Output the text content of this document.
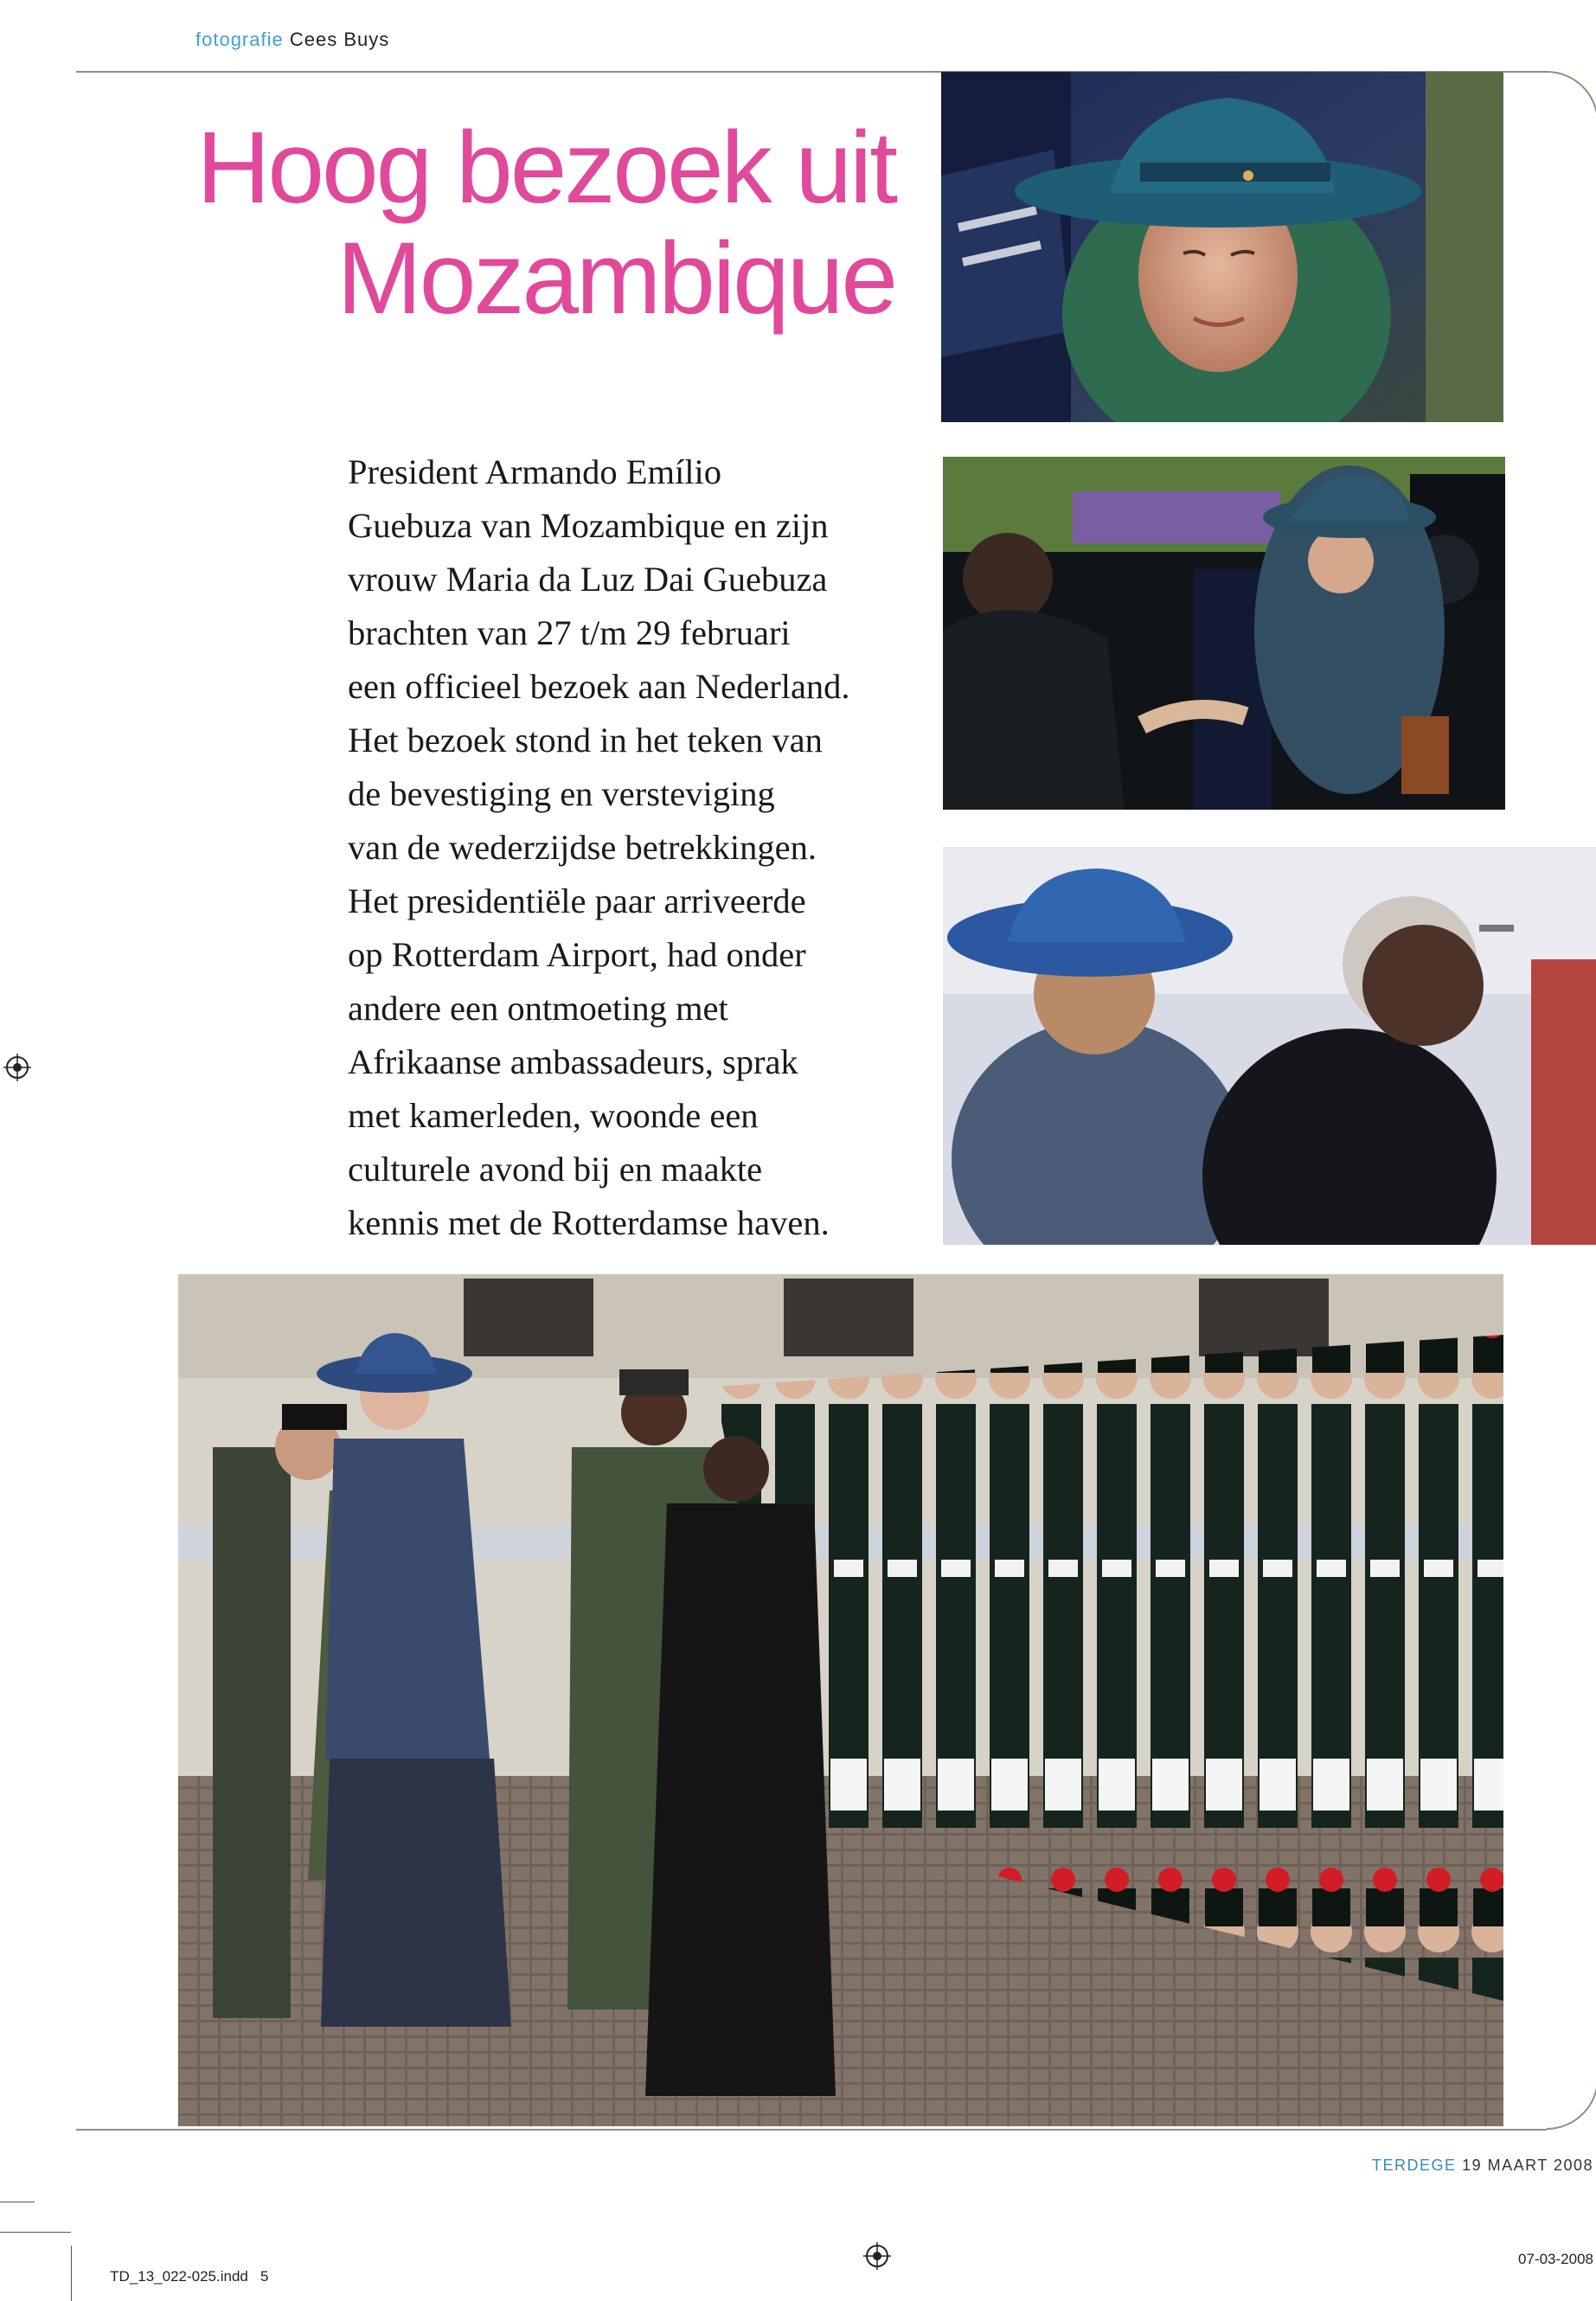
fotografie Cees Buys
Hoog bezoek uit
Mozambique
President Armando Emílio
Guebuza van Mozambique en zijn
vrouw Maria da Luz Dai Guebuza
brachten van 27 t/m 29 februari
een officieel bezoek aan Nederland.
Het bezoek stond in het teken van
de bevestiging en versteviging
van de wederzijdse betrekkingen.
Het presidentiële paar arriveerde
op Rotterdam Airport, had onder
andere een ontmoeting met
Afrikaanse ambassadeurs, sprak
met kamerleden, woonde een
culturele avond bij en maakte
kennis met de Rotterdamse haven.
TERDEGE 19 MAART 2008

TD_13_022-025.indd   5

07-03-2008
